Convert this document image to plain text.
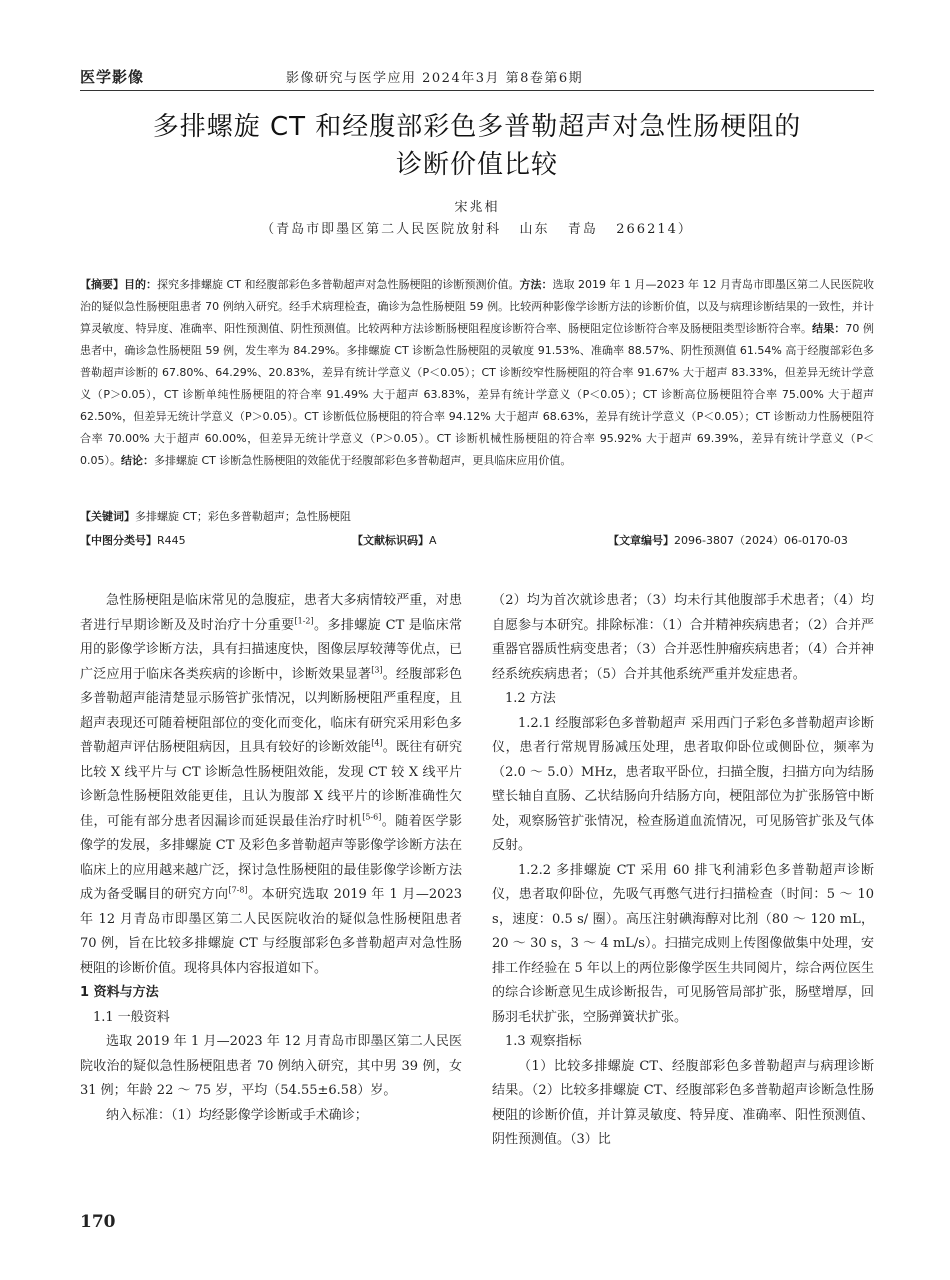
医学影像	影像研究与医学应用 2024年3月 第8卷第6期
多排螺旋 CT 和经腹部彩色多普勒超声对急性肠梗阻的
诊断价值比较
宋兆相
（青岛市即墨区第二人民医院放射科   山东   青岛   266214）
【摘要】目的：探究多排螺旋 CT 和经腹部彩色多普勒超声对急性肠梗阻的诊断预测价值。方法：选取 2019 年 1 月—2023 年 12 月青岛市即墨区第二人民医院收治的疑似急性肠梗阻患者 70 例纳入研究。经手术病理检查，确诊为急性肠梗阻 59 例。比较两种影像学诊断方法的诊断价值，以及与病理诊断结果的一致性，并计算灵敏度、特异度、准确率、阳性预测值、阴性预测值。比较两种方法诊断肠梗阻程度诊断符合率、肠梗阻定位诊断符合率及肠梗阻类型诊断符合率。结果：70 例患者中，确诊急性肠梗阻 59 例，发生率为 84.29%。多排螺旋 CT 诊断急性肠梗阻的灵敏度 91.53%、准确率 88.57%、阴性预测值 61.54% 高于经腹部彩色多普勒超声诊断的 67.80%、64.29%、20.83%，差异有统计学意义（P＜0.05）；CT 诊断绞窄性肠梗阻的符合率 91.67% 大于超声 83.33%，但差异无统计学意义（P＞0.05），CT 诊断单纯性肠梗阻的符合率 91.49% 大于超声 63.83%，差异有统计学意义（P＜0.05）；CT 诊断高位肠梗阻符合率 75.00% 大于超声 62.50%，但差异无统计学意义（P＞0.05）。CT 诊断低位肠梗阻的符合率 94.12% 大于超声 68.63%，差异有统计学意义（P＜0.05）；CT 诊断动力性肠梗阻符合率 70.00% 大于超声 60.00%，但差异无统计学意义（P＞0.05）。CT 诊断机械性肠梗阻的符合率 95.92% 大于超声 69.39%，差异有统计学意义（P＜0.05）。结论：多排螺旋 CT 诊断急性肠梗阻的效能优于经腹部彩色多普勒超声，更具临床应用价值。
【关键词】多排螺旋 CT；彩色多普勒超声；急性肠梗阻
【中图分类号】R445	【文献标识码】A	【文章编号】2096-3807（2024）06-0170-03

急性肠梗阻是临床常见的急腹症，患者大多病情较严重，对患者进行早期诊断及及时治疗十分重要[1-2]。多排螺旋 CT 是临床常用的影像学诊断方法，具有扫描速度快，图像层厚较薄等优点，已广泛应用于临床各类疾病的诊断中，诊断效果显著[3]。经腹部彩色多普勒超声能清楚显示肠管扩张情况，以判断肠梗阻严重程度，且超声表现还可随着梗阻部位的变化而变化，临床有研究采用彩色多普勒超声评估肠梗阻病因，且具有较好的诊断效能[4]。既往有研究比较 X 线平片与 CT 诊断急性肠梗阻效能，发现 CT 较 X 线平片诊断急性肠梗阻效能更佳，且认为腹部 X 线平片的诊断准确性欠佳，可能有部分患者因漏诊而延误最佳治疗时机[5-6]。随着医学影像学的发展，多排螺旋 CT 及彩色多普勒超声等影像学诊断方法在临床上的应用越来越广泛，探讨急性肠梗阻的最佳影像学诊断方法成为备受瞩目的研究方向[7-8]。本研究选取 2019 年 1 月—2023 年 12 月青岛市即墨区第二人民医院收治的疑似急性肠梗阻患者 70 例，旨在比较多排螺旋 CT 与经腹部彩色多普勒超声对急性肠梗阻的诊断价值。现将具体内容报道如下。

1 资料与方法

1.1 一般资料

选取 2019 年 1 月—2023 年 12 月青岛市即墨区第二人民医院收治的疑似急性肠梗阻患者 70 例纳入研究，其中男 39 例，女 31 例；年龄 22 ～ 75 岁，平均（54.55±6.58）岁。

纳入标准：（1）均经影像学诊断或手术确诊；

（2）均为首次就诊患者；（3）均未行其他腹部手术患者；（4）均自愿参与本研究。排除标准：（1）合并精神疾病患者；（2）合并严重器官器质性病变患者；（3）合并恶性肿瘤疾病患者；（4）合并神经系统疾病患者；（5）合并其他系统严重并发症患者。

1.2 方法

1.2.1 经腹部彩色多普勒超声 采用西门子彩色多普勒超声诊断仪，患者行常规胃肠减压处理，患者取仰卧位或侧卧位，频率为（2.0 ～ 5.0）MHz，患者取平卧位，扫描全腹，扫描方向为结肠壁长轴自直肠、乙状结肠向升结肠方向，梗阻部位为扩张肠管中断处，观察肠管扩张情况，检查肠道血流情况，可见肠管扩张及气体反射。

1.2.2 多排螺旋 CT 采用 60 排飞利浦彩色多普勒超声诊断仪，患者取仰卧位，先吸气再憋气进行扫描检查（时间：5 ～ 10 s，速度：0.5 s/ 圈）。高压注射碘海醇对比剂（80 ～ 120 mL，20 ～ 30 s，3 ～ 4 mL/s）。扫描完成则上传图像做集中处理，安排工作经验在 5 年以上的两位影像学医生共同阅片，综合两位医生的综合诊断意见生成诊断报告，可见肠管局部扩张，肠壁增厚，回肠羽毛状扩张，空肠弹簧状扩张。

1.3 观察指标

（1）比较多排螺旋 CT、经腹部彩色多普勒超声与病理诊断结果。（2）比较多排螺旋 CT、经腹部彩色多普勒超声诊断急性肠梗阻的诊断价值，并计算灵敏度、特异度、准确率、阳性预测值、阴性预测值。（3）比

170
